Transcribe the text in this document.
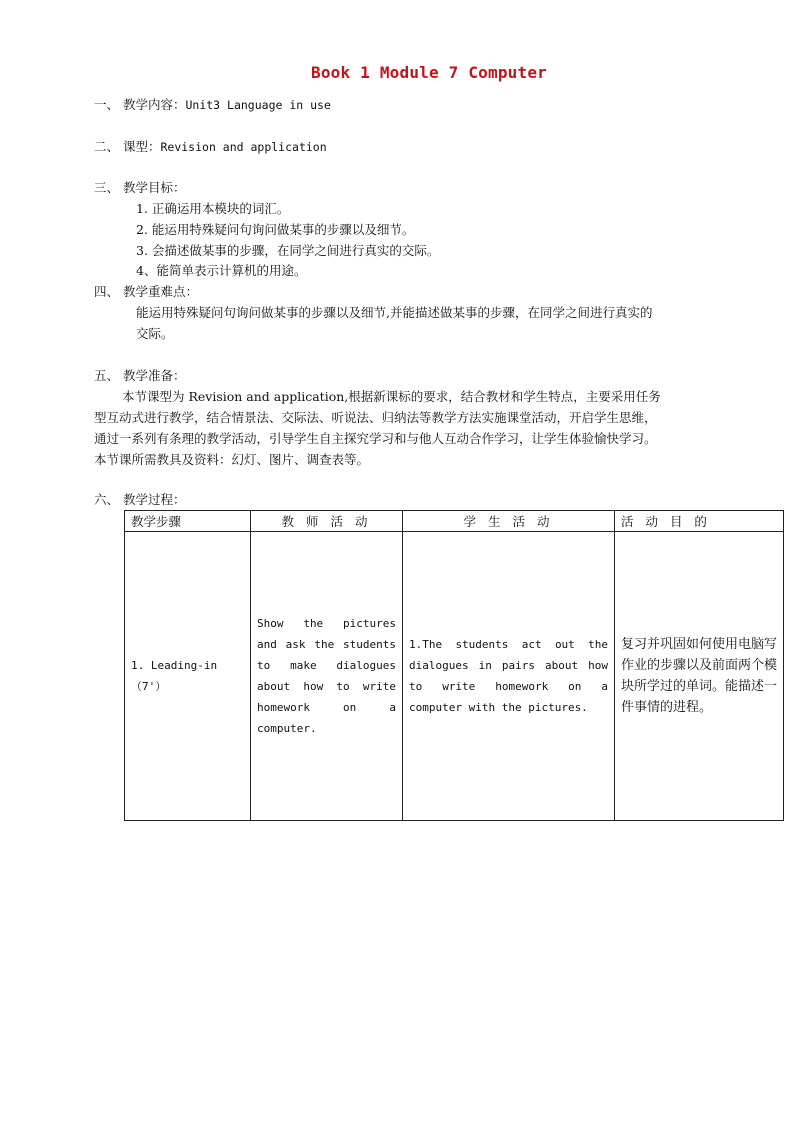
Book 1 Module 7 Computer
一、 教学内容：Unit3 Language in use
二、 课型：Revision and application
三、 教学目标：
1. 正确运用本模块的词汇。
2. 能运用特殊疑问句询问做某事的步骤以及细节。
3. 会描述做某事的步骤，在同学之间进行真实的交际。
4、能简单表示计算机的用途。
四、 教学重难点：
能运用特殊疑问句询问做某事的步骤以及细节,并能描述做某事的步骤，在同学之间进行真实的
交际。
五、 教学准备：
本节课型为 Revision and application,根据新课标的要求，结合教材和学生特点，主要采用任务
型互动式进行教学，结合情景法、交际法、听说法、归纳法等教学方法实施课堂活动，开启学生思维，
通过一系列有条理的教学活动，引导学生自主探究学习和与他人互动合作学习，让学生体验愉快学习。
本节课所需教具及资料：幻灯、图片、调查表等。
六、 教学过程：
教学步骤	教 师 活 动	学 生 活 动	活 动 目 的
1. Leading-in （7'）	Show the pictures and ask the students to make dialogues about how to write homework on a computer.	1.The students act out the dialogues in pairs about how to write homework on a computer with the pictures.	复习并巩固如何使用电脑写作业的步骤以及前面两个模块所学过的单词。能描述一件事情的进程。
